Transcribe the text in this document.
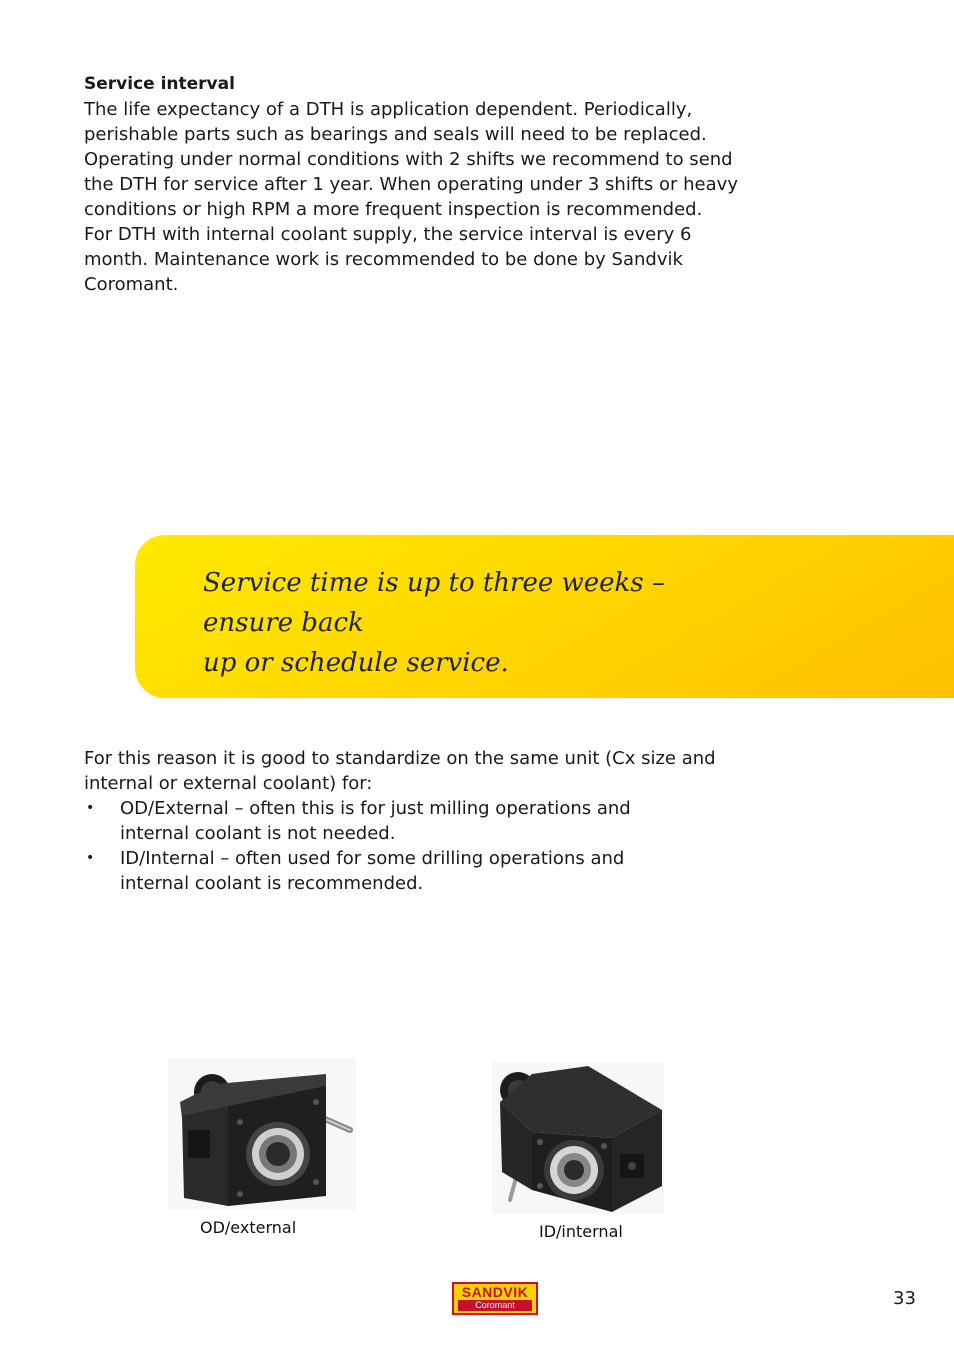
Service interval

The life expectancy of a DTH is application dependent. Periodically,
perishable parts such as bearings and seals will need to be replaced.
Operating under normal conditions with 2 shifts we recommend to send
the DTH for service after 1 year. When operating under 3 shifts or heavy
conditions or high RPM a more frequent inspection is recommended.
For DTH with internal coolant supply, the service interval is every 6
month. Maintenance work is recommended to be done by Sandvik
Coromant.

Service time is up to three weeks – ensure back
up or schedule service.

For this reason it is good to standardize on the same unit (Cx size and
internal or external coolant) for:

• OD/External – often this is for just milling operations and
internal coolant is not needed.
• ID/Internal – often used for some drilling operations and
internal coolant is recommended.
OD/external	ID/internal
SANDVIK
Coromant	33
